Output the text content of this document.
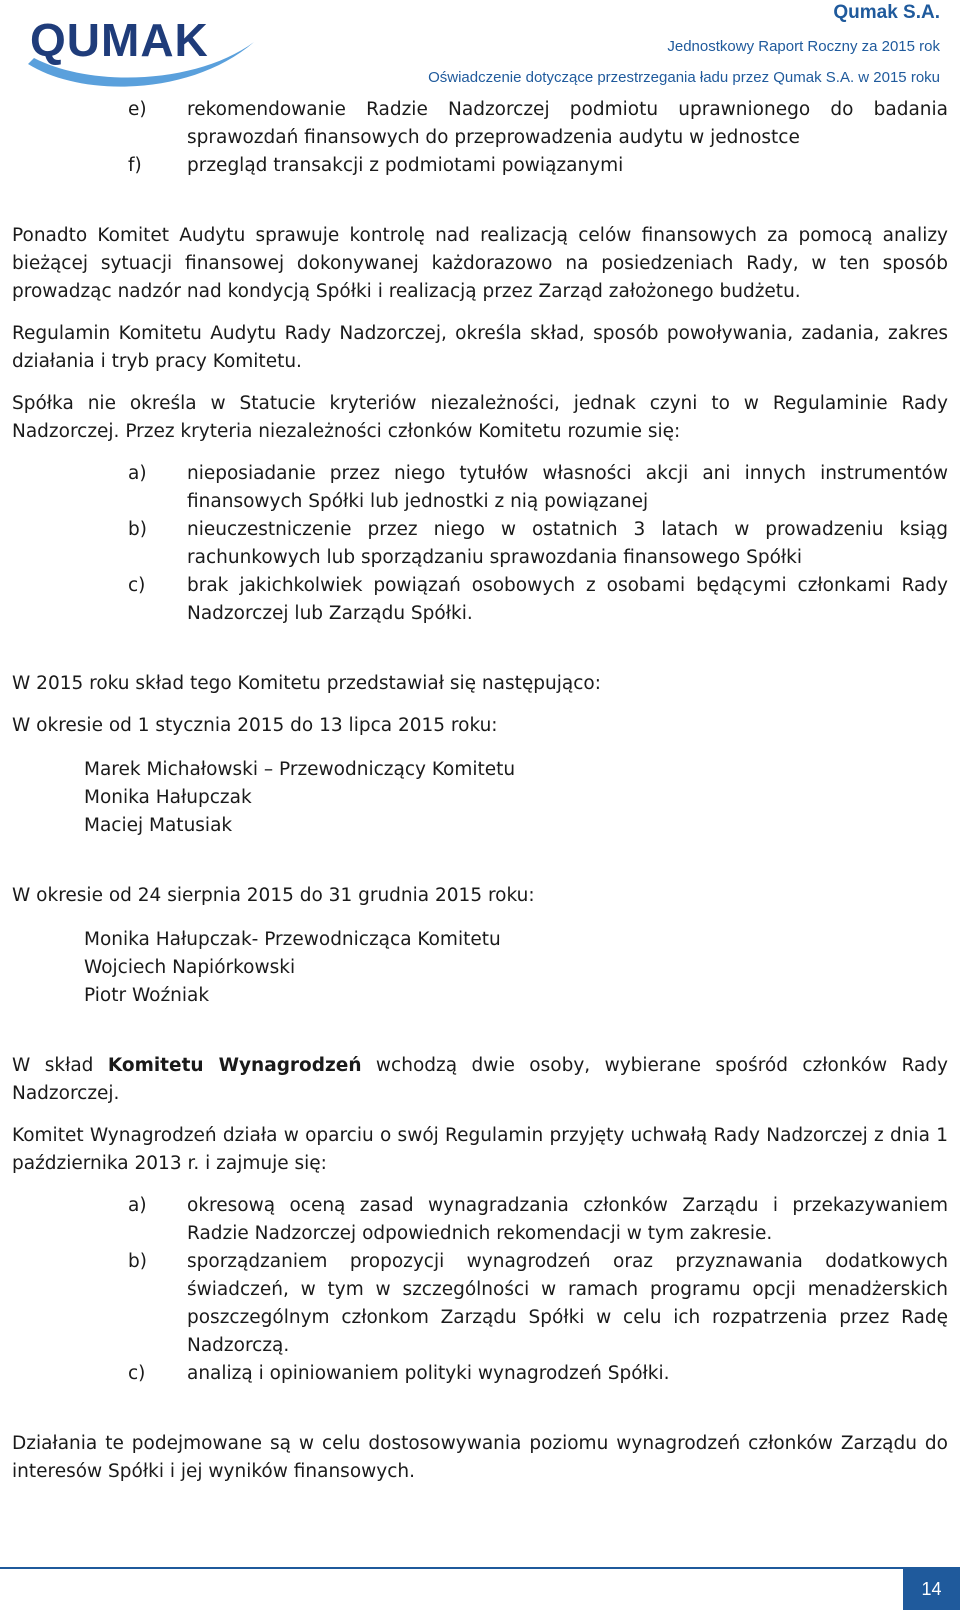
QUMAK
Qumak S.A.
Jednostkowy Raport Roczny za 2015 rok
Oświadczenie dotyczące przestrzegania ładu przez Qumak S.A. w 2015 roku
e) rekomendowanie Radzie Nadzorczej podmiotu uprawnionego do badania sprawozdań finansowych do przeprowadzenia audytu w jednostce
f) przegląd transakcji z podmiotami powiązanymi

Ponadto Komitet Audytu sprawuje kontrolę nad realizacją celów finansowych za pomocą analizy bieżącej sytuacji finansowej dokonywanej każdorazowo na posiedzeniach Rady, w ten sposób prowadząc nadzór nad kondycją Spółki i realizacją przez Zarząd założonego budżetu.

Regulamin Komitetu Audytu Rady Nadzorczej, określa skład, sposób powoływania, zadania, zakres działania i tryb pracy Komitetu.

Spółka nie określa w Statucie kryteriów niezależności, jednak czyni to w Regulaminie Rady Nadzorczej. Przez kryteria niezależności członków Komitetu rozumie się:

a) nieposiadanie przez niego tytułów własności akcji ani innych instrumentów finansowych Spółki lub jednostki z nią powiązanej
b) nieuczestniczenie przez niego w ostatnich 3 latach w prowadzeniu ksiąg rachunkowych lub sporządzaniu sprawozdania finansowego Spółki
c) brak jakichkolwiek powiązań osobowych z osobami będącymi członkami Rady Nadzorczej lub Zarządu Spółki.

W 2015 roku skład tego Komitetu przedstawiał się następująco:

W okresie od 1 stycznia 2015 do 13 lipca 2015 roku:

Marek Michałowski – Przewodniczący Komitetu
Monika Hałupczak
Maciej Matusiak

W okresie od 24 sierpnia 2015 do 31 grudnia 2015 roku:

Monika Hałupczak- Przewodnicząca Komitetu
Wojciech Napiórkowski
Piotr Woźniak

W skład Komitetu Wynagrodzeń wchodzą dwie osoby, wybierane spośród członków Rady Nadzorczej.

Komitet Wynagrodzeń działa w oparciu o swój Regulamin przyjęty uchwałą Rady Nadzorczej z dnia 1 października 2013 r. i zajmuje się:

a) okresową oceną zasad wynagradzania członków Zarządu i przekazywaniem Radzie Nadzorczej odpowiednich rekomendacji w tym zakresie.
b) sporządzaniem propozycji wynagrodzeń oraz przyznawania dodatkowych świadczeń, w tym w szczególności w ramach programu opcji menadżerskich poszczególnym członkom Zarządu Spółki w celu ich rozpatrzenia przez Radę Nadzorczą.
c) analizą i opiniowaniem polityki wynagrodzeń Spółki.

Działania te podejmowane są w celu dostosowywania poziomu wynagrodzeń członków Zarządu do interesów Spółki i jej wyników finansowych.

14
